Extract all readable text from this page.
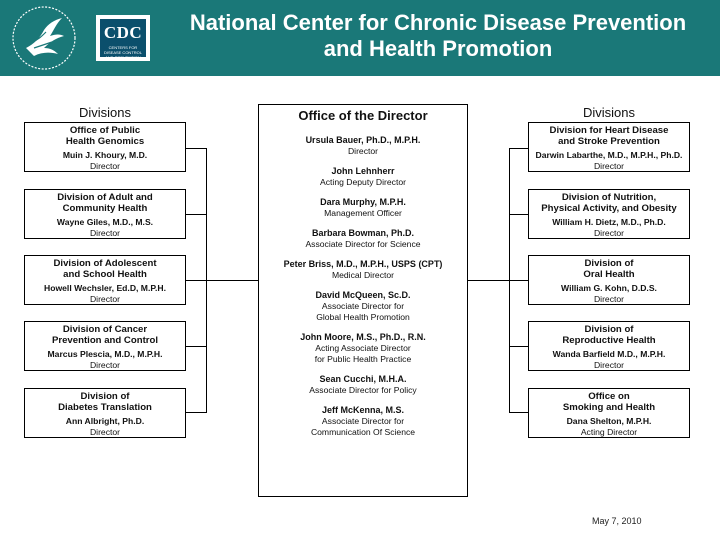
CDC
CENTERS FOR DISEASE CONTROL AND PREVENTION
National Center for Chronic Disease Prevention
and Health Promotion
Divisions	Divisions
Office of Public
Health Genomics
Muin J. Khoury, M.D.
Director
Division of Adult and
Community Health
Wayne Giles, M.D., M.S.
Director
Division of Adolescent
and School Health
Howell Wechsler, Ed.D, M.P.H.
Director
Division of Cancer
Prevention and Control
Marcus Plescia, M.D., M.P.H.
Director
Division of
Diabetes Translation
Ann Albright, Ph.D.
Director
Division for Heart Disease
and Stroke Prevention
Darwin Labarthe, M.D., M.P.H., Ph.D.
Director
Division of Nutrition,
Physical Activity, and Obesity
William H. Dietz, M.D., Ph.D.
Director
Division of
Oral Health
William G. Kohn, D.D.S.
Director
Division of
Reproductive Health
Wanda Barfield M.D., M.P.H.
Director
Office on
Smoking and Health
Dana Shelton, M.P.H.
Acting Director
Office of the Director
Ursula Bauer, Ph.D., M.P.H.
Director
John Lehnherr
Acting Deputy Director
Dara Murphy, M.P.H.
Management Officer
Barbara Bowman, Ph.D.
Associate Director for Science
Peter Briss, M.D., M.P.H., USPS (CPT)
Medical Director
David McQueen, Sc.D.
Associate Director for
Global Health Promotion
John Moore, M.S., Ph.D., R.N.
Acting Associate Director
for Public Health Practice
Sean Cucchi, M.H.A.
Associate Director for Policy
Jeff McKenna, M.S.
Associate Director for
Communication Of Science
May 7, 2010
